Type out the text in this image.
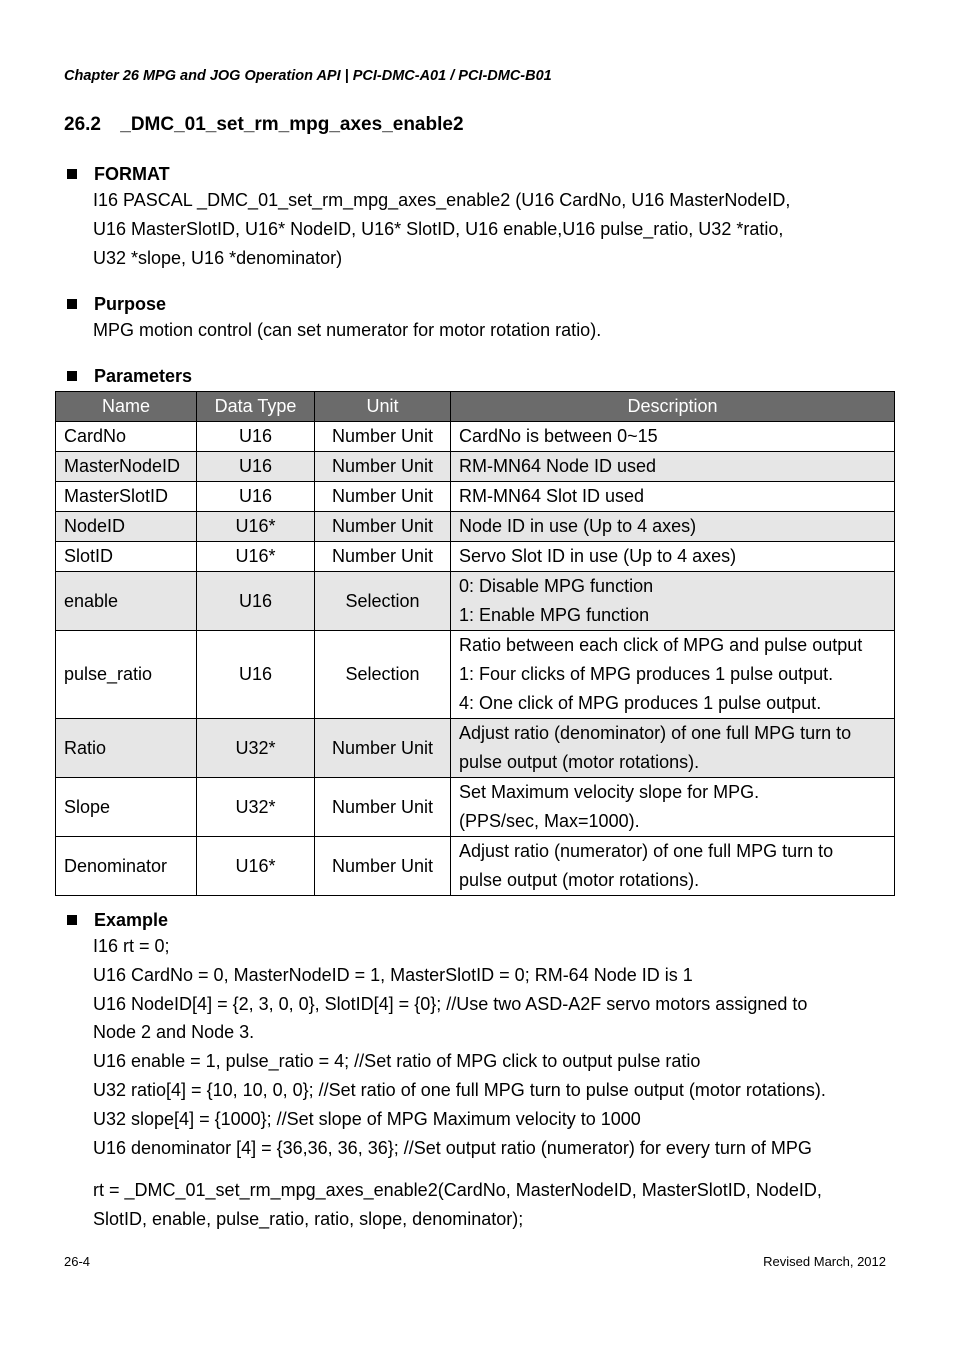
Chapter 26 MPG and JOG Operation API | PCI-DMC-A01 / PCI-DMC-B01
26.2 _DMC_01_set_rm_mpg_axes_enable2
FORMAT
I16 PASCAL _DMC_01_set_rm_mpg_axes_enable2 (U16 CardNo, U16 MasterNodeID,
U16 MasterSlotID, U16* NodeID, U16* SlotID, U16 enable,U16 pulse_ratio, U32 *ratio,
U32 *slope, U16 *denominator)
Purpose
MPG motion control (can set numerator for motor rotation ratio).
Parameters
Name	Data Type	Unit	Description
CardNo	U16	Number Unit	CardNo is between 0~15

MasterNodeID	U16	Number Unit	RM-MN64 Node ID used

MasterSlotID	U16	Number Unit	RM-MN64 Slot ID used

NodeID	U16*	Number Unit	Node ID in use (Up to 4 axes)

SlotID	U16*	Number Unit	Servo Slot ID in use (Up to 4 axes)

enable	U16	Selection	0: Disable MPG function
1: Enable MPG function

pulse_ratio	U16	Selection	Ratio between each click of MPG and pulse output
1: Four clicks of MPG produces 1 pulse output.
4: One click of MPG produces 1 pulse output.

Ratio	U32*	Number Unit	Adjust ratio (denominator) of one full MPG turn to
pulse output (motor rotations).

Slope	U32*	Number Unit	Set Maximum velocity slope for MPG.
(PPS/sec, Max=1000).

Denominator	U16*	Number Unit	Adjust ratio (numerator) of one full MPG turn to
pulse output (motor rotations).
Example
I16 rt = 0;
U16 CardNo = 0, MasterNodeID = 1, MasterSlotID = 0; RM-64 Node ID is 1
U16 NodeID[4] = {2, 3, 0, 0}, SlotID[4] = {0}; //Use two ASD-A2F servo motors assigned to
Node 2 and Node 3.
U16 enable = 1, pulse_ratio = 4; //Set ratio of MPG click to output pulse ratio
U32 ratio[4] = {10, 10, 0, 0}; //Set ratio of one full MPG turn to pulse output (motor rotations).
U32 slope[4] = {1000}; //Set slope of MPG Maximum velocity to 1000
U16 denominator [4] = {36,36, 36, 36}; //Set output ratio (numerator) for every turn of MPG
rt = _DMC_01_set_rm_mpg_axes_enable2(CardNo, MasterNodeID, MasterSlotID, NodeID,
SlotID, enable, pulse_ratio, ratio, slope, denominator);
26-4	Revised March, 2012
